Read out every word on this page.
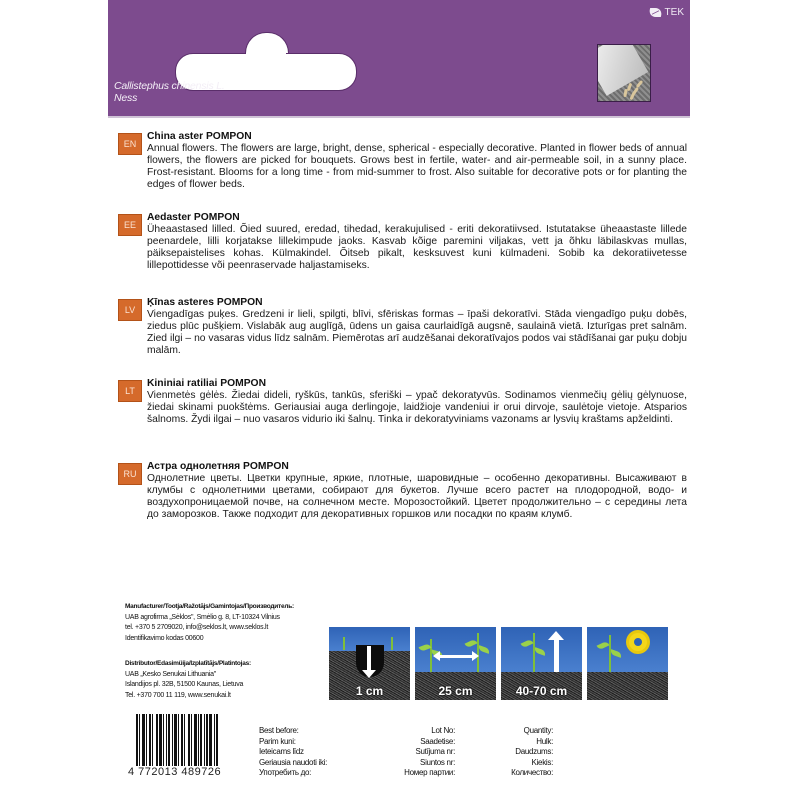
TEK
Callistephus chinensis L.
Ness
EN
China aster POMPON
Annual flowers. The flowers are large, bright, dense, spherical - especially decorative. Planted in flower beds of annual flowers, the flowers are picked for bouquets. Grows best in fertile, water- and air-permeable soil, in a sunny place. Frost-resistant. Blooms for a long time - from mid-summer to frost. Also suitable for decorative pots or for planting the edges of flower beds.
EE
Aedaster POMPON
Üheaastased lilled. Õied suured, eredad, tihedad, kerakujulised - eriti dekoratiivsed. Istutatakse üheaastaste lillede peenardele, lilli korjatakse lillekimpude jaoks. Kasvab kõige paremini viljakas, vett ja õhku läbilaskvas mullas, päiksepaistelises kohas. Külmakindel. Õitseb pikalt, kesksuvest kuni külmadeni. Sobib ka dekoratiivetesse lillepottidesse või peenraservade haljastamiseks.
LV
Ķīnas asteres POMPON
Viengadīgas puķes. Gredzeni ir lieli, spilgti, blīvi, sfēriskas formas – īpaši dekoratīvi. Stāda viengadīgo puķu dobēs, ziedus plūc pušķiem. Vislabāk aug auglīgā, ūdens un gaisa caurlaidīgā augsnē, saulainā vietā. Izturīgas pret salnām. Zied ilgi – no vasaras vidus līdz salnām. Piemērotas arī audzēšanai dekoratīvajos podos vai stādīšanai gar puķu dobju malām.
LT
Kininiai ratiliai POMPON
Vienmetės gėlės. Žiedai dideli, ryškūs, tankūs, sferiški – ypač dekoratyvūs. Sodinamos vienmečių gėlių gėlynuose, žiedai skinami puokštėms. Geriausiai auga derlingoje, laidžioje vandeniui ir orui dirvoje, saulėtoje vietoje. Atsparios šalnoms. Žydi ilgai – nuo vasaros vidurio iki šalnų. Tinka ir dekoratyviniams vazonams ar lysvių kraštams apželdinti.
RU
Астра однолетняя POMPON
Однолетние цветы. Цветки крупные, яркие, плотные, шаровидные – особенно декоративны. Высаживают в клумбы с однолетними цветами, собирают для букетов. Лучше всего растет на плодородной, водо- и воздухопроницаемой почве, на солнечном месте. Морозостойкий. Цветет продолжительно – с середины лета до заморозков. Также подходит для декоративных горшков или посадки по краям клумб.
Manufacturer/Tootja/Ražotājs/Gamintojas/Производитель:
UAB agrofirma „Sėklos", Smėlio g. 8, LT-10324 Vilnius
tel. +370 5 2709020, info@seklos.lt, www.seklos.lt
Identifikavimo kodas 00600
Distributor/Edasimüija/Izplatītājs/Platintojas:
UAB „Kesko Senukai Lithuania"
Islandijos pl. 32B, 51500 Kaunas, Lietuva
Tel. +370 700 11 119, www.senukai.lt	1 cm	25 cm	40-70 cm
4 772013 489726
Best before:
Parim kuni:
Ieteicams līdz
Geriausia naudoti iki:
Употребить до:
Lot No:
Saadetise:
Sutījuma nr:
Siuntos nr:
Номер партии:
Quantity:
Hulk:
Daudzums:
Kiekis:
Количество:
